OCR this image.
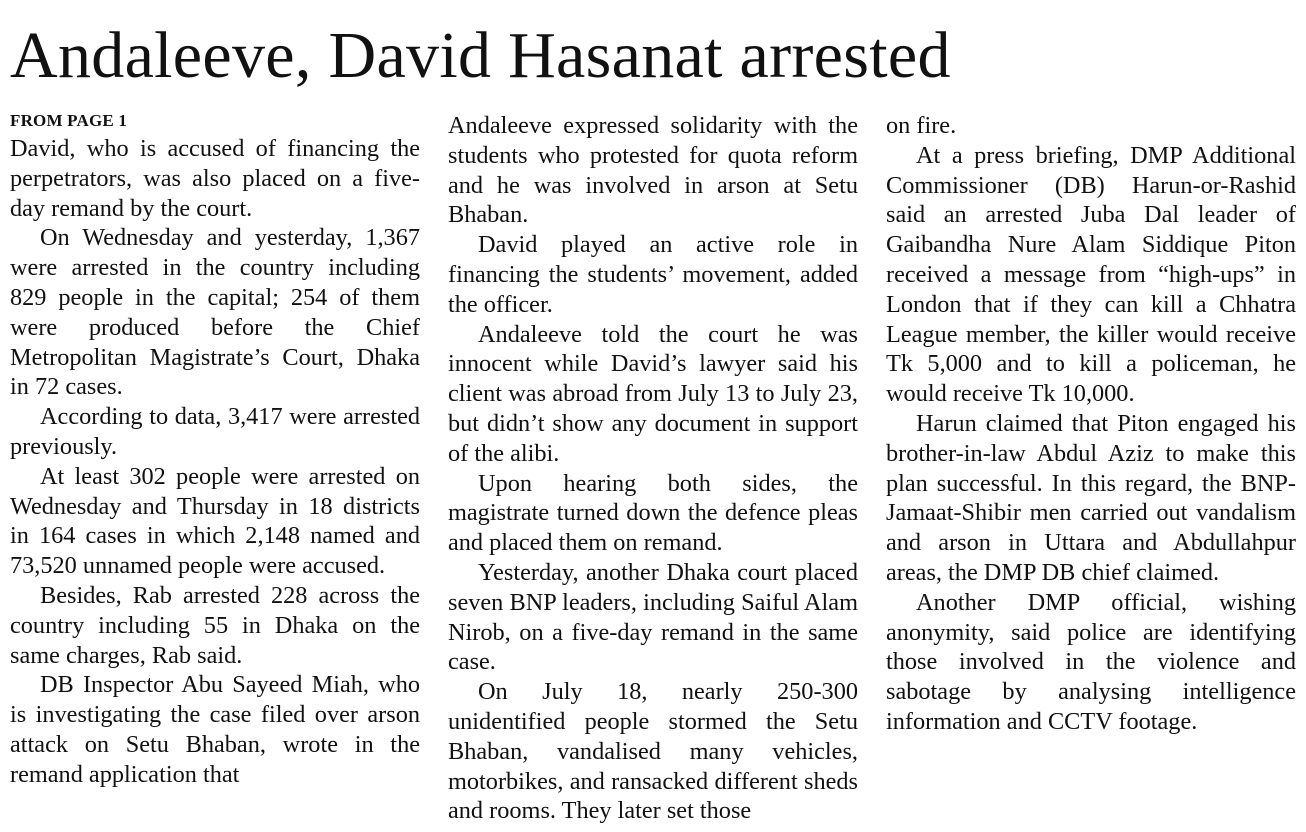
Andaleeve, David Hasanat arrested
FROM PAGE 1

David, who is accused of financing the perpetrators, was also placed on a five-day remand by the court.

On Wednesday and yesterday, 1,367 were arrested in the country including 829 people in the capital; 254 of them were produced before the Chief Metropolitan Magistrate’s Court, Dhaka in 72 cases.

According to data, 3,417 were arrested previously.

At least 302 people were arrested on Wednesday and Thursday in 18 districts in 164 cases in which 2,148 named and 73,520 unnamed people were accused.

Besides, Rab arrested 228 across the country including 55 in Dhaka on the same charges, Rab said.

DB Inspector Abu Sayeed Miah, who is investigating the case filed over arson attack on Setu Bhaban, wrote in the remand application that

Andaleeve expressed solidarity with the students who protested for quota reform and he was involved in arson at Setu Bhaban.

David played an active role in financing the students’ movement, added the officer.

Andaleeve told the court he was innocent while David’s lawyer said his client was abroad from July 13 to July 23, but didn’t show any document in support of the alibi.

Upon hearing both sides, the magistrate turned down the defence pleas and placed them on remand.

Yesterday, another Dhaka court placed seven BNP leaders, including Saiful Alam Nirob, on a five-day remand in the same case.

On July 18, nearly 250-300 unidentified people stormed the Setu Bhaban, vandalised many vehicles, motorbikes, and ransacked different sheds and rooms. They later set those

on fire.

At a press briefing, DMP Additional Commissioner (DB) Harun-or-Rashid said an arrested Juba Dal leader of Gaibandha Nure Alam Siddique Piton received a message from “high-ups” in London that if they can kill a Chhatra League member, the killer would receive Tk 5,000 and to kill a policeman, he would receive Tk 10,000.

Harun claimed that Piton engaged his brother-in-law Abdul Aziz to make this plan successful. In this regard, the BNP-Jamaat-Shibir men carried out vandalism and arson in Uttara and Abdullahpur areas, the DMP DB chief claimed.

Another DMP official, wishing anonymity, said police are identifying those involved in the violence and sabotage by analysing intelligence information and CCTV footage.
